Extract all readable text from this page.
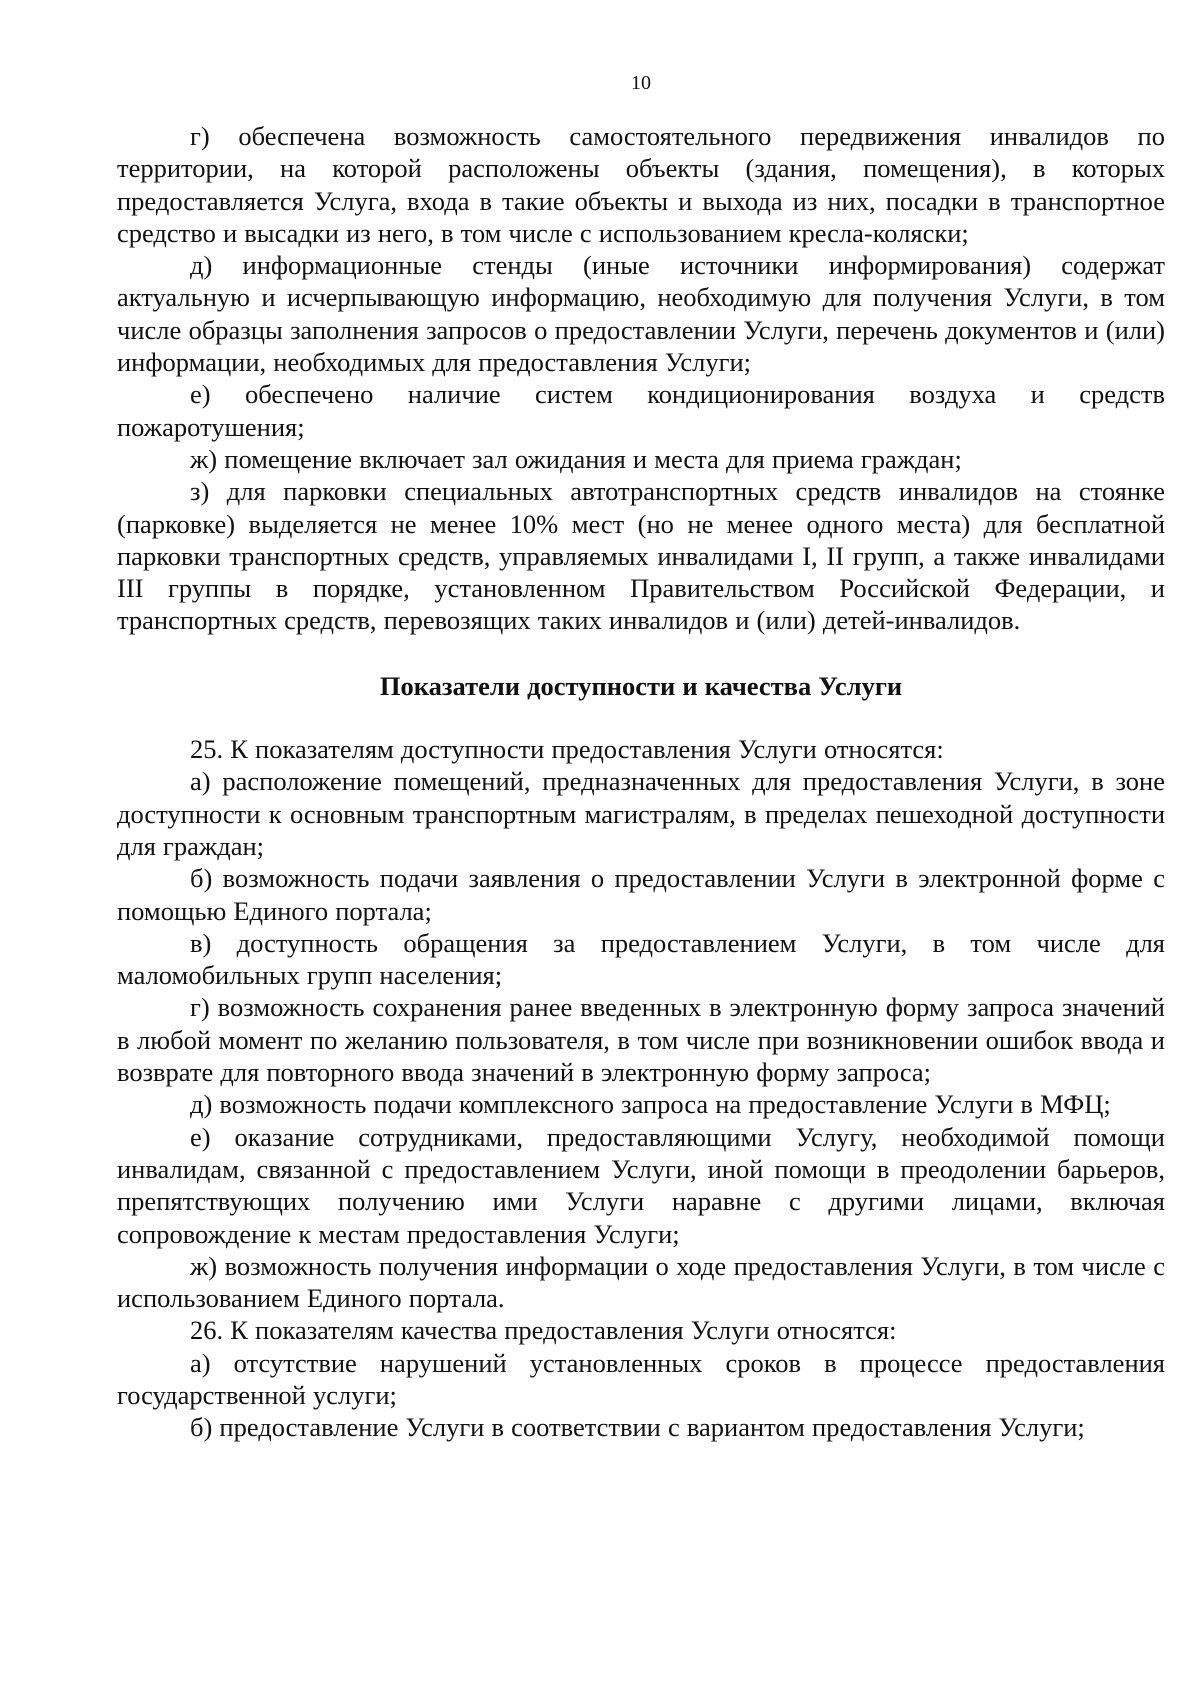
10

г) обеспечена возможность самостоятельного передвижения инвалидов по территории, на которой расположены объекты (здания, помещения), в которых предоставляется Услуга, входа в такие объекты и выхода из них, посадки в транспортное средство и высадки из него, в том числе с использованием кресла-коляски;

д) информационные стенды (иные источники информирования) содержат актуальную и исчерпывающую информацию, необходимую для получения Услуги, в том числе образцы заполнения запросов о предоставлении Услуги, перечень документов и (или) информации, необходимых для предоставления Услуги;

е) обеспечено наличие систем кондиционирования воздуха и средств пожаротушения;

ж) помещение включает зал ожидания и места для приема граждан;

з) для парковки специальных автотранспортных средств инвалидов на стоянке (парковке) выделяется не менее 10% мест (но не менее одного места) для бесплатной парковки транспортных средств, управляемых инвалидами I, II групп, а также инвалидами III группы в порядке, установленном Правительством Российской Федерации, и транспортных средств, перевозящих таких инвалидов и (или) детей-инвалидов.

Показатели доступности и качества Услуги

25. К показателям доступности предоставления Услуги относятся:

а) расположение помещений, предназначенных для предоставления Услуги, в зоне доступности к основным транспортным магистралям, в пределах пешеходной доступности для граждан;

б) возможность подачи заявления о предоставлении Услуги в электронной форме с помощью Единого портала;

в) доступность обращения за предоставлением Услуги, в том числе для маломобильных групп населения;

г) возможность сохранения ранее введенных в электронную форму запроса значений в любой момент по желанию пользователя, в том числе при возникновении ошибок ввода и возврате для повторного ввода значений в электронную форму запроса;

д) возможность подачи комплексного запроса на предоставление Услуги в МФЦ;

е) оказание сотрудниками, предоставляющими Услугу, необходимой помощи инвалидам, связанной с предоставлением Услуги, иной помощи в преодолении барьеров, препятствующих получению ими Услуги наравне с другими лицами, включая сопровождение к местам предоставления Услуги;

ж) возможность получения информации о ходе предоставления Услуги, в том числе с использованием Единого портала.

26. К показателям качества предоставления Услуги относятся:

а) отсутствие нарушений установленных сроков в процессе предоставления государственной услуги;

б) предоставление Услуги в соответствии с вариантом предоставления Услуги;
